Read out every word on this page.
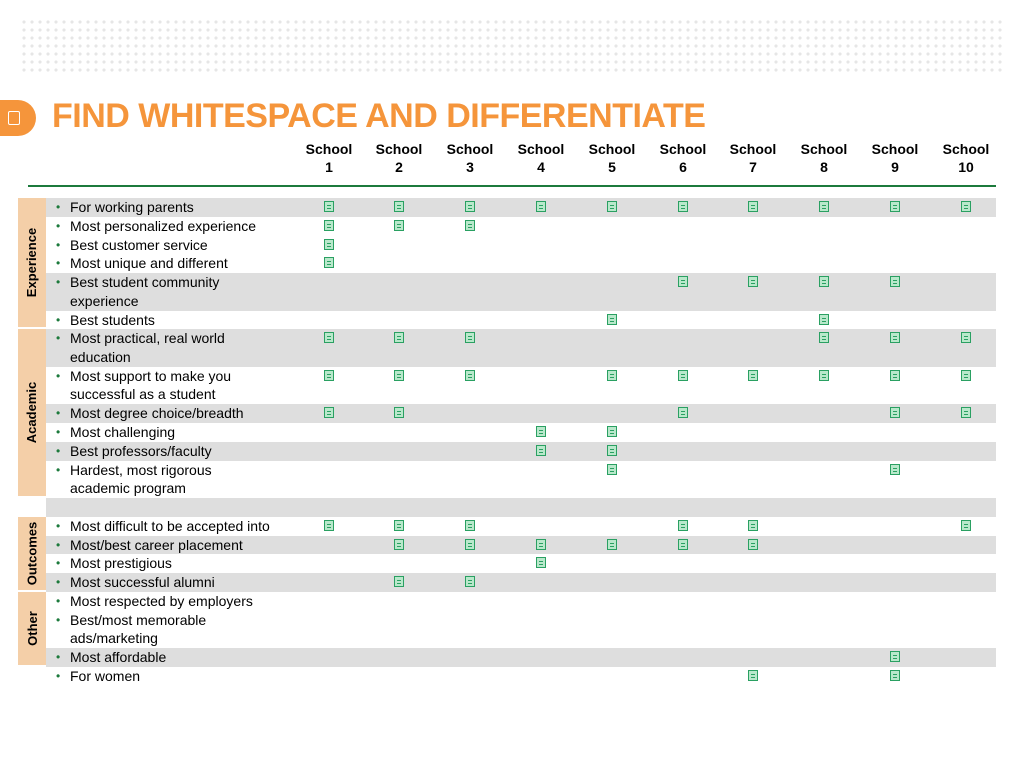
FIND WHITESPACE AND DIFFERENTIATE
School
1
School
2
School
3
School
4
School
5
School
6
School
7
School
8
School
9
School
10
Experience
Academic
Outcomes
Other
• For working parents
• Most personalized experience
• Best customer service
• Most unique and different
• Best student community experience
• Best students
• Most practical, real world education
• Most support to make you successful as a student
• Most degree choice/breadth
• Most challenging
• Best professors/faculty
• Hardest, most rigorous academic program
• Most difficult to be accepted into
• Most/best career placement
• Most prestigious
• Most successful alumni
• Most respected by employers
• Best/most memorable ads/marketing
• Most affordable
• For women
